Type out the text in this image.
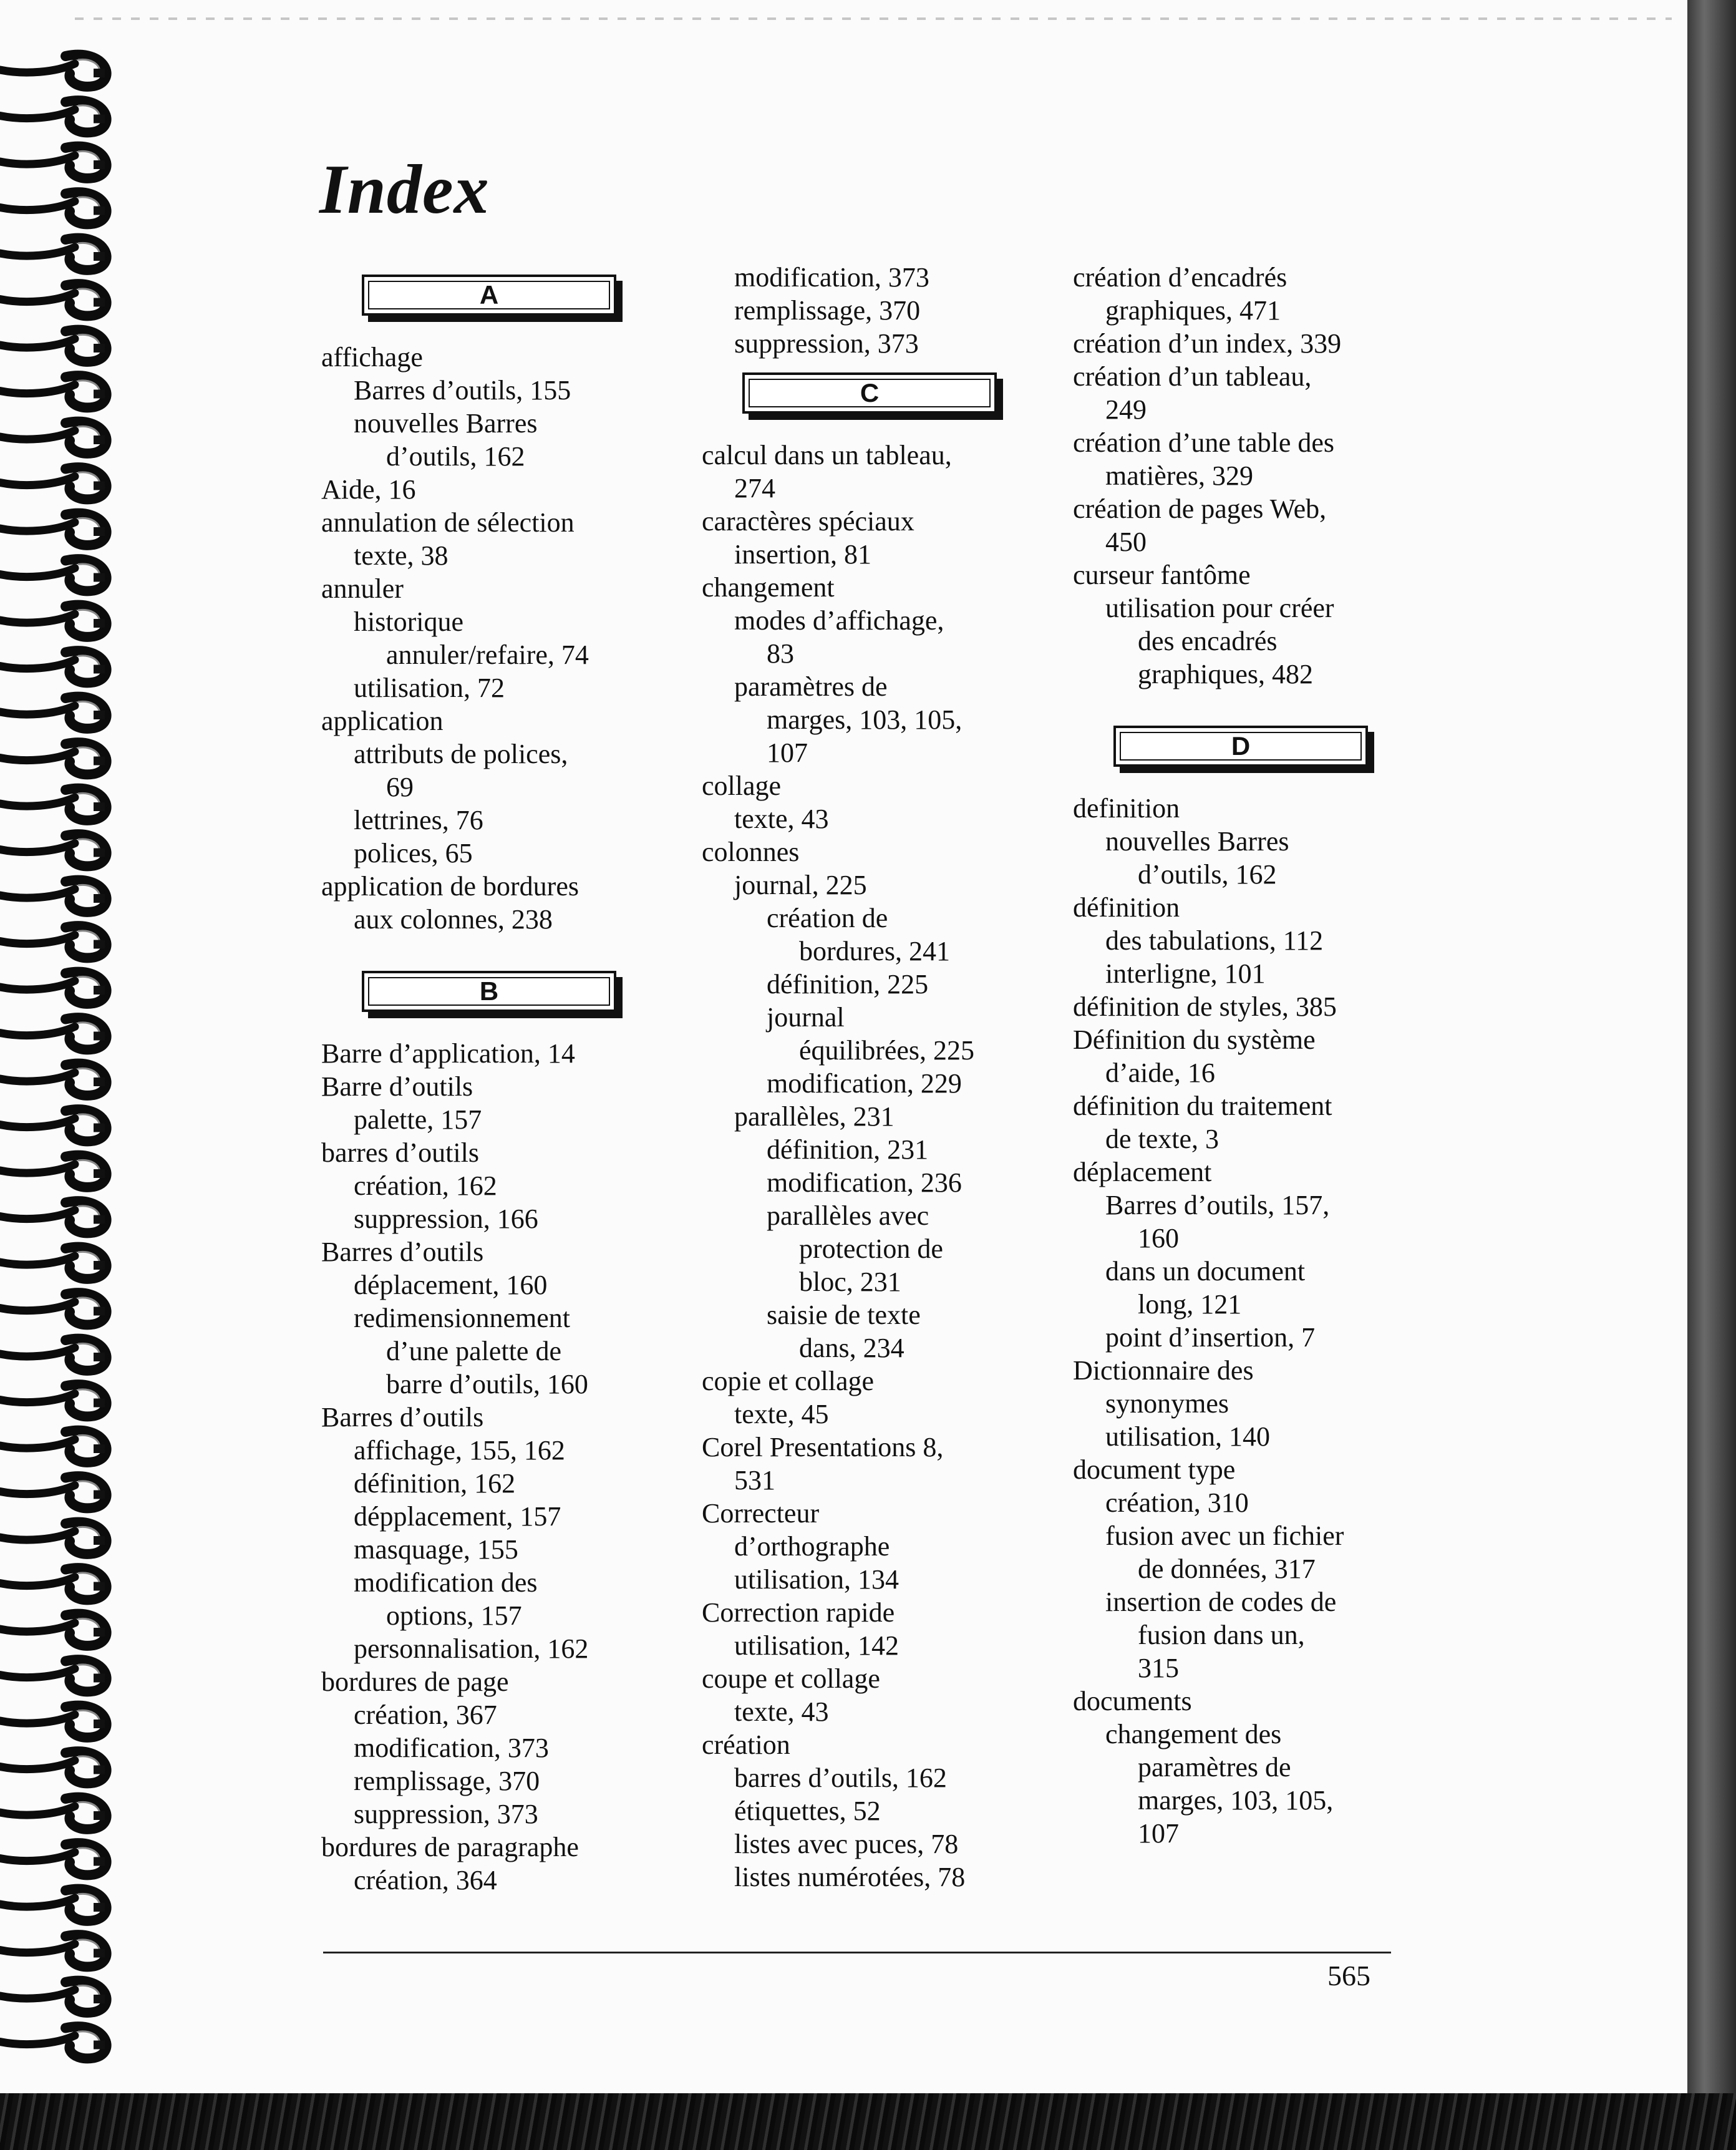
Index
A
affichage
Barres d’outils, 155
nouvelles Barres
d’outils, 162
Aide, 16
annulation de sélection
texte, 38
annuler
historique
annuler/refaire, 74
utilisation, 72
application
attributs de polices,
69
lettrines, 76
polices, 65
application de bordures
aux colonnes, 238
B
Barre d’application, 14
Barre d’outils
palette, 157
barres d’outils
création, 162
suppression, 166
Barres d’outils
déplacement, 160
redimensionnement
d’une palette de
barre d’outils, 160
Barres d’outils
affichage, 155, 162
définition, 162
dépplacement, 157
masquage, 155
modification des
options, 157
personnalisation, 162
bordures de page
création, 367
modification, 373
remplissage, 370
suppression, 373
bordures de paragraphe
création, 364
modification, 373
remplissage, 370
suppression, 373
C
calcul dans un tableau,
274
caractères spéciaux
insertion, 81
changement
modes d’affichage,
83
paramètres de
marges, 103, 105,
107
collage
texte, 43
colonnes
journal, 225
création de
bordures, 241
définition, 225
journal
équilibrées, 225
modification, 229
parallèles, 231
définition, 231
modification, 236
parallèles avec
protection de
bloc, 231
saisie de texte
dans, 234
copie et collage
texte, 45
Corel Presentations 8,
531
Correcteur
d’orthographe
utilisation, 134
Correction rapide
utilisation, 142
coupe et collage
texte, 43
création
barres d’outils, 162
étiquettes, 52
listes avec puces, 78
listes numérotées, 78
création d’encadrés
graphiques, 471
création d’un index, 339
création d’un tableau,
249
création d’une table des
matières, 329
création de pages Web,
450
curseur fantôme
utilisation pour créer
des encadrés
graphiques, 482
D
definition
nouvelles Barres
d’outils, 162
définition
des tabulations, 112
interligne, 101
définition de styles, 385
Définition du système
d’aide, 16
définition du traitement
de texte, 3
déplacement
Barres d’outils, 157,
160
dans un document
long, 121
point d’insertion, 7
Dictionnaire des
synonymes
utilisation, 140
document type
création, 310
fusion avec un fichier
de données, 317
insertion de codes de
fusion dans un,
315
documents
changement des
paramètres de
marges, 103, 105,
107
565
